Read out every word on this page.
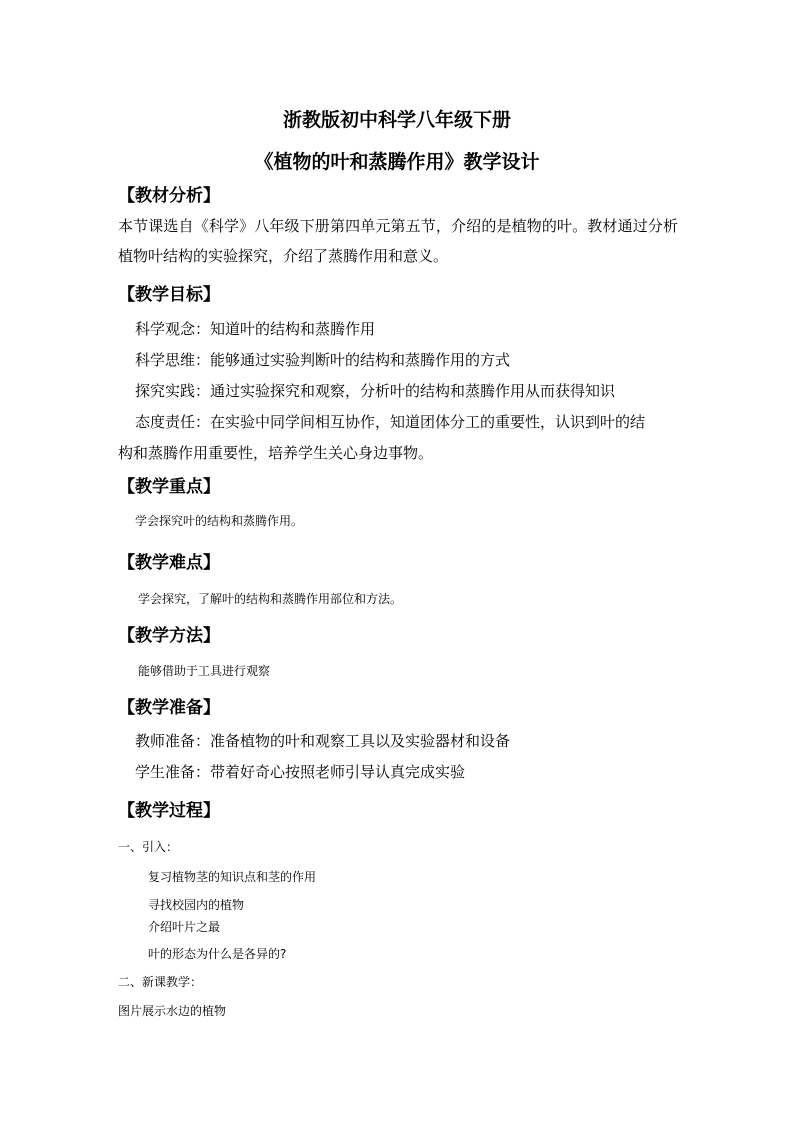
浙教版初中科学八年级下册
《植物的叶和蒸腾作用》教学设计
【教材分析】

本节课选自《科学》八年级下册第四单元第五节，介绍的是植物的叶。教材通过分析植物叶结构的实验探究，介绍了蒸腾作用和意义。

【教学目标】

科学观念：知道叶的结构和蒸腾作用

科学思维：能够通过实验判断叶的结构和蒸腾作用的方式

探究实践：通过实验探究和观察，分析叶的结构和蒸腾作用从而获得知识

态度责任：在实验中同学间相互协作，知道团体分工的重要性，认识到叶的结

构和蒸腾作用重要性，培养学生关心身边事物。

【教学重点】

学会探究叶的结构和蒸腾作用。

【教学难点】

学会探究，了解叶的结构和蒸腾作用部位和方法。

【教学方法】

能够借助于工具进行观察

【教学准备】

教师准备：准备植物的叶和观察工具以及实验器材和设备

学生准备：带着好奇心按照老师引导认真完成实验

【教学过程】

一、引入：

复习植物茎的知识点和茎的作用

寻找校园内的植物

介绍叶片之最

叶的形态为什么是各异的?

二、新课教学：

图片展示水边的植物
